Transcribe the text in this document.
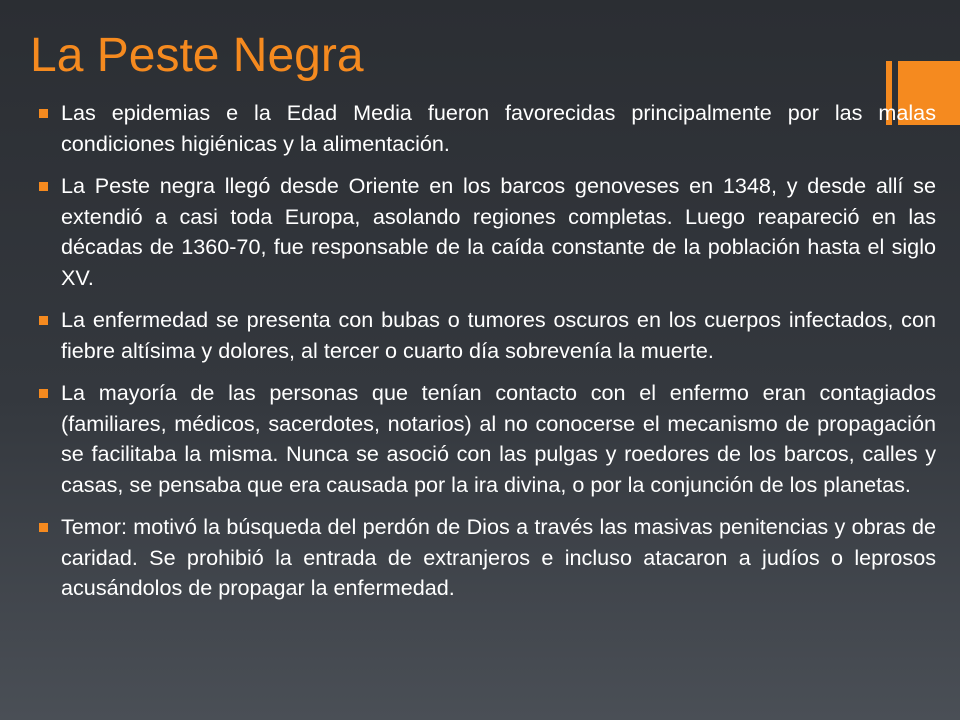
La Peste Negra
Las epidemias e la Edad Media fueron favorecidas principalmente por las malas condiciones higiénicas y la alimentación.
La Peste negra llegó desde Oriente en los barcos genoveses en 1348, y desde allí se extendió a casi toda Europa, asolando regiones completas. Luego reapareció en las décadas de 1360-70, fue responsable de la caída constante de la población hasta el siglo XV.
La enfermedad se presenta con bubas o tumores oscuros en los cuerpos infectados, con fiebre altísima y dolores, al tercer o cuarto día sobrevenía la muerte.
La mayoría de las personas que tenían contacto con el enfermo eran contagiados (familiares, médicos, sacerdotes, notarios) al no conocerse el mecanismo de propagación se facilitaba la misma. Nunca se asoció con las pulgas y roedores de los barcos, calles y casas, se pensaba que era causada por la ira divina, o por la conjunción de los planetas.
Temor: motivó la búsqueda del perdón de Dios a través las masivas penitencias y obras de caridad. Se prohibió la entrada de extranjeros e incluso atacaron a judíos o leprosos acusándolos de propagar la enfermedad.
